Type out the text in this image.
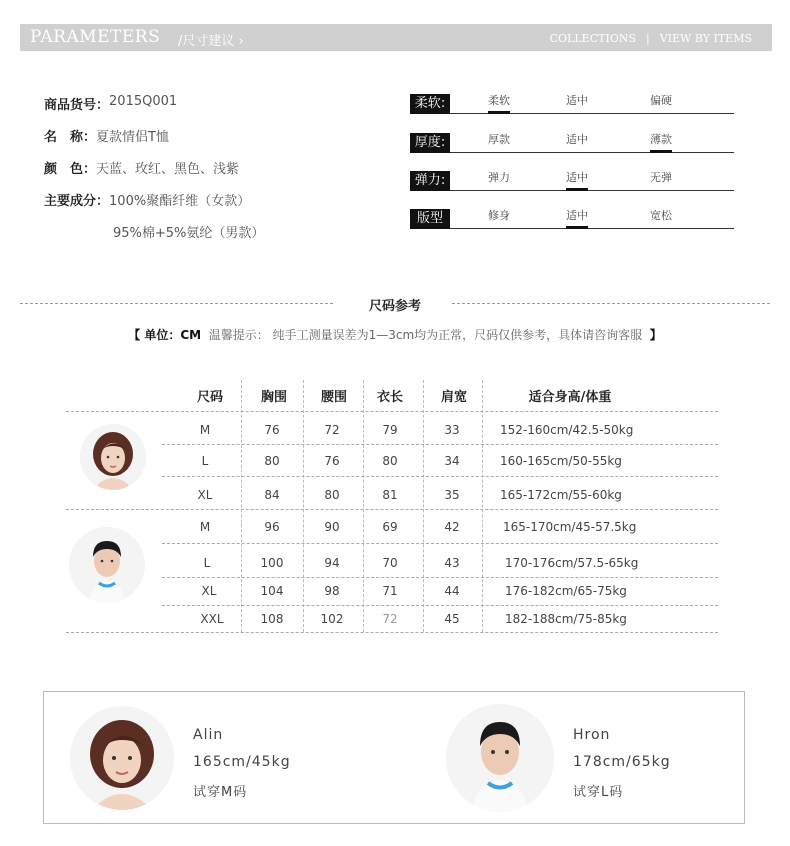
PARAMETERS /尺寸建议 ›	COLLECTIONS | VIEW BY ITEMS
商品货号 ： 2015Q001
名　称 ： 夏款情侣T恤
颜　色 ： 天蓝、玫红、黑色、浅紫
主要成分 ： 100%聚酯纤维（女款）
95%棉+5%氨纶（男款）
柔软:	柔软	适中	偏硬
厚度:	厚款	适中	薄款
弹力:	弹力	适中	无弹
版型	修身	适中	宽松
尺码参考
【 单位：CM 温馨提示： 纯手工测量误差为1—3cm均为正常，尺码仅供参考，具体请咨询客服 】
尺码	胸围	腰围	衣长	肩宽	适合身高/体重
M	76	72	79	33	152-160cm/42.5-50kg
L	80	76	80	34	160-165cm/50-55kg
XL	84	80	81	35	165-172cm/55-60kg
M	96	90	69	42	165-170cm/45-57.5kg
L	100	94	70	43	170-176cm/57.5-65kg
XL	104	98	71	44	176-182cm/65-75kg
XXL	108	102	72	45	182-188cm/75-85kg
Alin
165cm/45kg
试穿M码
Hron
178cm/65kg
试穿L码
